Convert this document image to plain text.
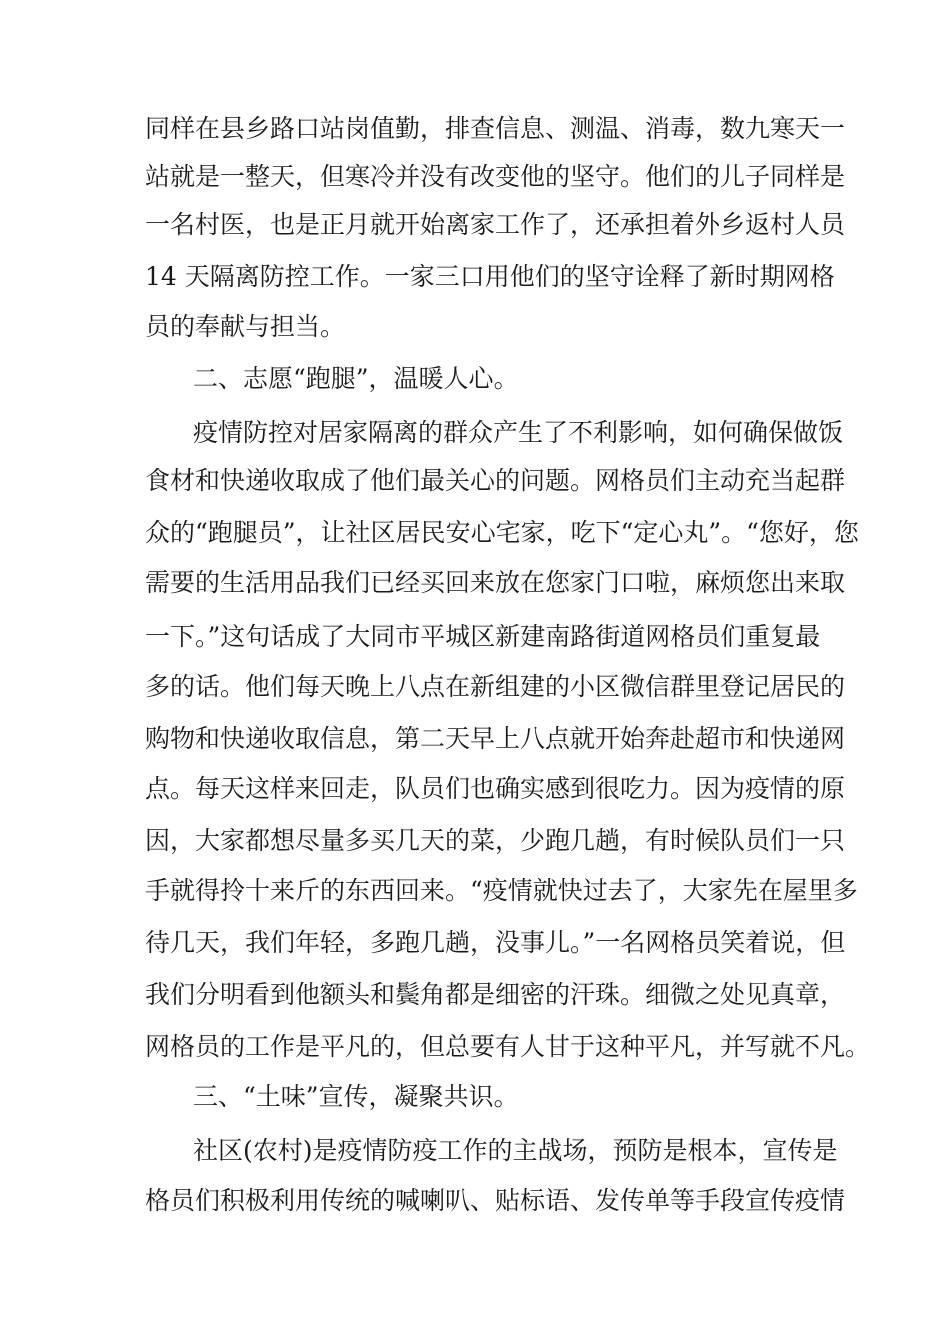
同样在县乡路口站岗值勤，排查信息、测温、消毒，数九寒天一

站就是一整天，但寒冷并没有改变他的坚守。他们的儿子同样是

一名村医，也是正月就开始离家工作了，还承担着外乡返村人员

14 天隔离防控工作。一家三口用他们的坚守诠释了新时期网格

员的奉献与担当。

二、志愿“跑腿”，温暖人心。

疫情防控对居家隔离的群众产生了不利影响，如何确保做饭

食材和快递收取成了他们最关心的问题。网格员们主动充当起群

众的“跑腿员”，让社区居民安心宅家，吃下“定心丸”。“您好，您

需要的生活用品我们已经买回来放在您家门口啦，麻烦您出来取

一下。”这句话成了大同市平城区新建南路街道网格员们重复最

多的话。他们每天晚上八点在新组建的小区微信群里登记居民的

购物和快递收取信息，第二天早上八点就开始奔赴超市和快递网

点。每天这样来回走，队员们也确实感到很吃力。因为疫情的原

因，大家都想尽量多买几天的菜，少跑几趟，有时候队员们一只

手就得拎十来斤的东西回来。“疫情就快过去了，大家先在屋里多

待几天，我们年轻，多跑几趟，没事儿。”一名网格员笑着说，但

我们分明看到他额头和鬓角都是细密的汗珠。细微之处见真章，

网格员的工作是平凡的，但总要有人甘于这种平凡，并写就不凡。

三、“土味”宣传，凝聚共识。

社区(农村)是疫情防疫工作的主战场，预防是根本，宣传是

格员们积极利用传统的喊喇叭、贴标语、发传单等手段宣传疫情
